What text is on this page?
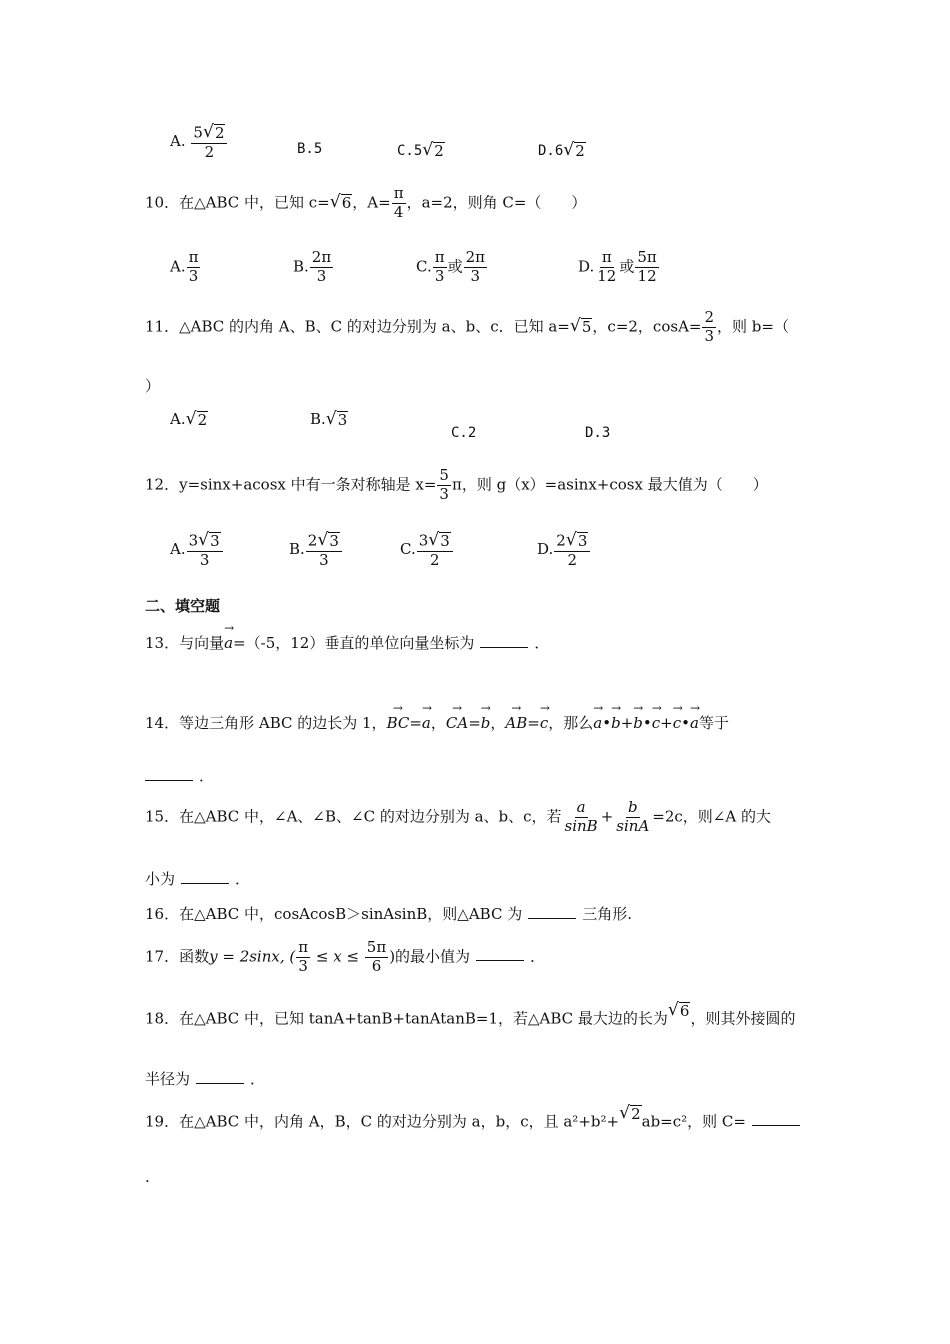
A. $\frac{5 √ 2}{2}$	B.5	C.5 √ 2	D.6 √ 2
10．在△ABC 中，已知 c= √ 6 ，$A= \frac{\pi}{4}$ ，a=2，则角 C=（　　）
A. $\frac{\pi}{3}$	B. $\frac{2\pi}{3}$	C. $\frac{\pi}{3}$ 或 $\frac{2\pi}{3}$	D. $\frac{\pi}{12}$ 或 $\frac{5\pi}{12}$
11．△ABC 的内角 A、B、C 的对边分别为 a、b、c．已知 a= √ 5 ，c=2，$\cos A= \frac{2}{3}$ ，则 b=（
）
A. √ 2	B. √ 3
C.2	D.3
12．y=sinx+acosx 中有一条对称轴是 $x= \frac{5}{3}$ π，则 g（x）=asinx+cosx 最大值为（　　）
A. $\frac{3 √ 3}{3}$	B. $\frac{2 √ 3}{3}$	C. $\frac{3 √ 3}{2}$	D. $\frac{2 √ 3}{2}$
二、填空题
13．与向量→ a=（-5，12）垂直的单位向量坐标为	．
14．等边三角形 ABC 的边长为 1，→ BC=→ a，→ CA=→ b，→ AB=→ c，那么→ a•→ b+→ b•→ c+→ c•→ a等于
．
15．在△ABC 中，∠A、∠B、∠C 的对边分别为 a、b、c，若 $\frac{a}{\sin B} + \frac{b}{\sin A} =2c$，则∠A 的大
小为	．
16．在△ABC 中，cosAcosB＞sinAsinB，则△ABC 为	三角形.
17．函数y = 2sinx, ( $\frac{\pi}{3} \le x \le \frac{5\pi}{6}$ )的最小值为	．
18．在△ABC 中，已知 tanA+tanB+tanAtanB=1，若△ABC 最大边的长为 √ 6 ，则其外接圆的
半径为	．
19．在△ABC 中，内角 A，B，C 的对边分别为 a，b，c，且 a²+b²+ √ 2 ab=c²，则 C=
.
